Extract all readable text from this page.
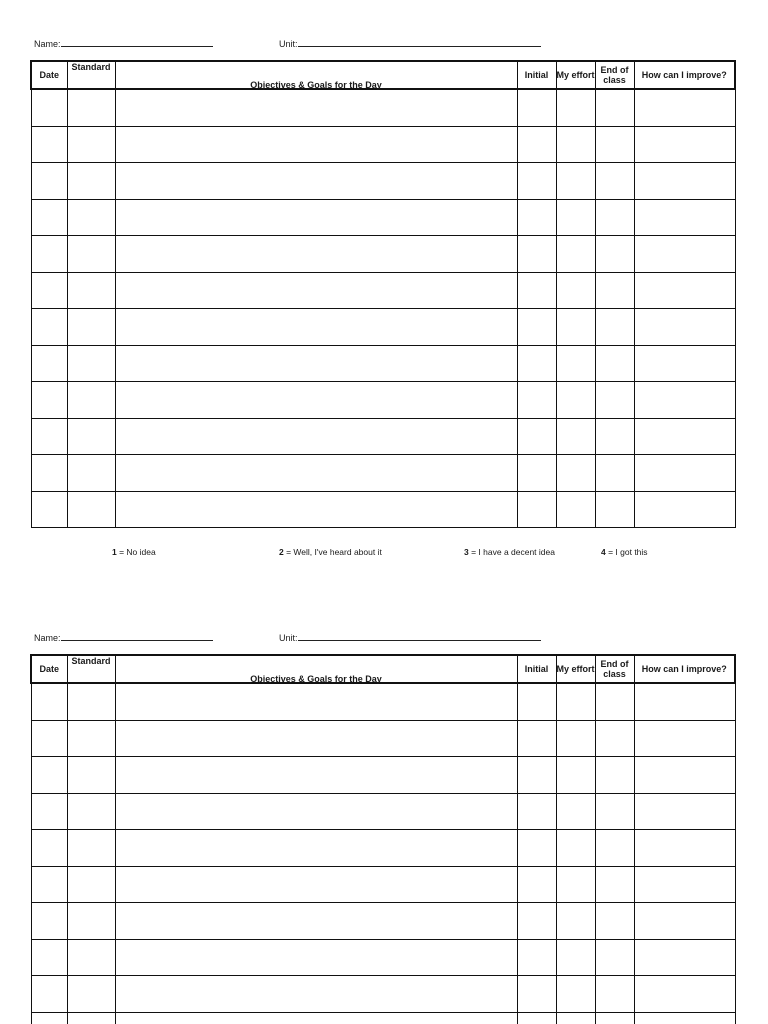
Name:	Unit:
Date	Standard	Objectives & Goals for the Day	Initial	My effort	End of class	How can I improve?

1 = No idea	2 = Well, I've heard about it	3 = I have a decent idea	4 = I got this
Name:	Unit:
Date	Standard	Objectives & Goals for the Day	Initial	My effort	End of class	How can I improve?
